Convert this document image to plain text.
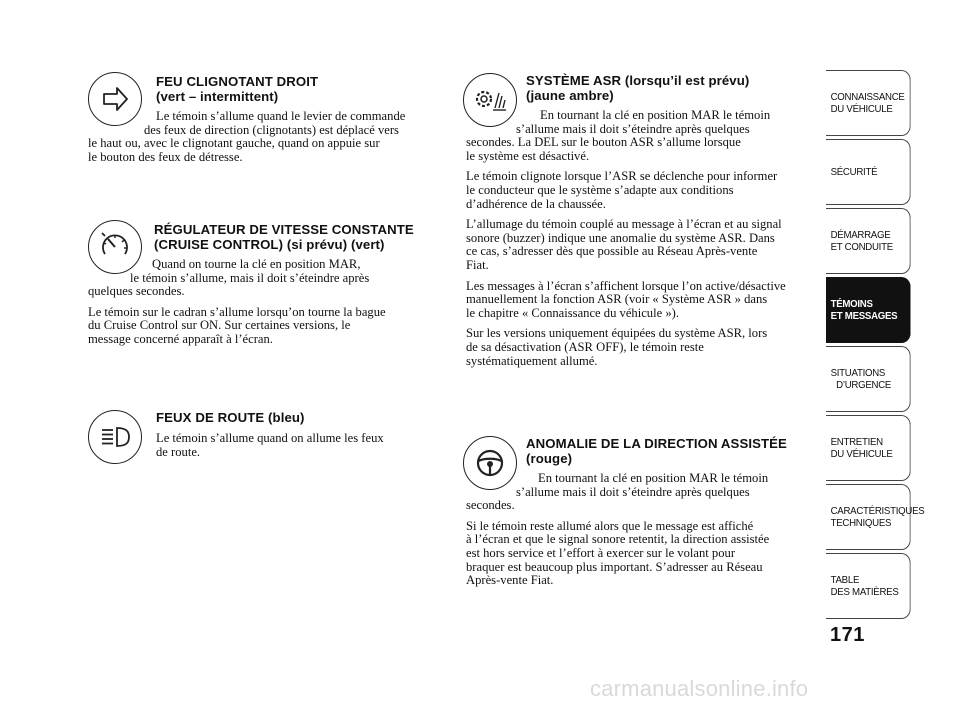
FEU CLIGNOTANT DROIT
(vert – intermittent)
Le témoin s’allume quand le levier de commande
des feux de direction (clignotants) est déplacé vers
le haut ou, avec le clignotant gauche, quand on appuie sur
le bouton des feux de détresse.
RÉGULATEUR DE VITESSE CONSTANTE
(CRUISE CONTROL) (si prévu) (vert)
Quand on tourne la clé en position MAR,
le témoin s’allume, mais il doit s’éteindre après
quelques secondes.
Le témoin sur le cadran s’allume lorsqu’on tourne la bague
du Cruise Control sur ON. Sur certaines versions, le
message concerné apparaît à l’écran.
FEUX DE ROUTE (bleu)
Le témoin s’allume quand on allume les feux
de route.
SYSTÈME ASR (lorsqu’il est prévu)
(jaune ambre)
En tournant la clé en position MAR le témoin
s’allume mais il doit s’éteindre après quelques
secondes. La DEL sur le bouton ASR s’allume lorsque
le système est désactivé.
Le témoin clignote lorsque l’ASR se déclenche pour informer
le conducteur que le système s’adapte aux conditions
d’adhérence de la chaussée.
L’allumage du témoin couplé au message à l’écran et au signal
sonore (buzzer) indique une anomalie du système ASR. Dans
ce cas, s’adresser dès que possible au Réseau Après-vente
Fiat.
Les messages à l’écran s’affichent lorsque l’on active/désactive
manuellement la fonction ASR (voir « Système ASR » dans
le chapitre « Connaissance du véhicule »).
Sur les versions uniquement équipées du système ASR, lors
de sa désactivation (ASR OFF), le témoin reste
systématiquement allumé.
ANOMALIE DE LA DIRECTION ASSISTÉE
(rouge)
En tournant la clé en position MAR le témoin
s’allume mais il doit s’éteindre après quelques
secondes.
Si le témoin reste allumé alors que le message est affiché
à l’écran et que le signal sonore retentit, la direction assistée
est hors service et l’effort à exercer sur le volant pour
braquer est beaucoup plus important. S’adresser au Réseau
Après-vente Fiat.
CONNAISSANCE
DU VÉHICULE
SÉCURITÉ
DÉMARRAGE
ET CONDUITE
TÉMOINS
ET MESSAGES
SITUATIONS
D’URGENCE
ENTRETIEN
DU VÉHICULE
CARACTÉRISTIQUES
TECHNIQUES
TABLE
DES MATIÈRES
171
carmanualsonline.info
